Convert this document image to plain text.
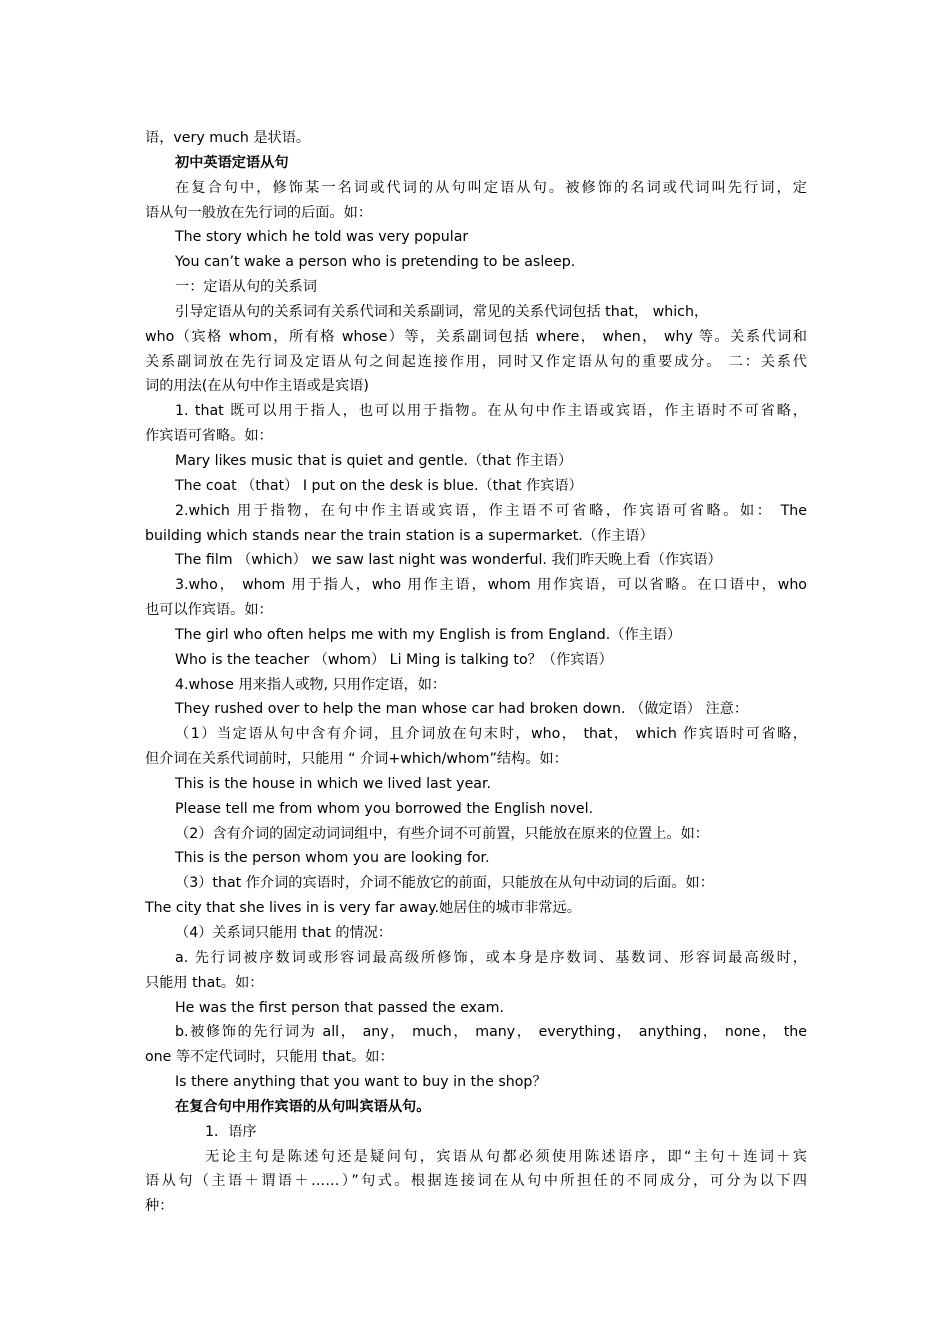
语，very much 是状语。
初中英语定语从句
在复合句中，修饰某一名词或代词的从句叫定语从句。被修饰的名词或代词叫先行词，定
语从句一般放在先行词的后面。如：
The story which he told was very popular
You can’t wake a person who is pretending to be asleep.
一：定语从句的关系词
引导定语从句的关系词有关系代词和关系副词，常见的关系代词包括 that， which，
who（宾格 whom，所有格 whose）等，关系副词包括 where， when， why 等。关系代词和
关系副词放在先行词及定语从句之间起连接作用，同时又作定语从句的重要成分。 二：关系代
词的用法(在从句中作主语或是宾语)
1. that 既可以用于指人，也可以用于指物。在从句中作主语或宾语，作主语时不可省略，
作宾语可省略。如：
Mary likes music that is quiet and gentle.（that 作主语）
The coat （that） I put on the desk is blue.（that 作宾语）
2.which 用于指物，在句中作主语或宾语，作主语不可省略，作宾语可省略。如： The
building which stands near the train station is a supermarket.（作主语）
The film （which） we saw last night was wonderful. 我们昨天晚上看（作宾语）
3.who， whom 用于指人，who 用作主语，whom 用作宾语，可以省略。在口语中，who
也可以作宾语。如：
The girl who often helps me with my English is from England.（作主语）
Who is the teacher （whom） Li Ming is talking to？（作宾语）
4.whose 用来指人或物, 只用作定语，如：
They rushed over to help the man whose car had broken down. （做定语） 注意：
（1）当定语从句中含有介词，且介词放在句末时，who， that， which 作宾语时可省略，
但介词在关系代词前时，只能用 “ 介词+which/whom”结构。如：
This is the house in which we lived last year.
Please tell me from whom you borrowed the English novel.
（2）含有介词的固定动词词组中，有些介词不可前置，只能放在原来的位置上。如：
This is the person whom you are looking for.
（3）that 作介词的宾语时，介词不能放它的前面，只能放在从句中动词的后面。如：
The city that she lives in is very far away.她居住的城市非常远。
（4）关系词只能用 that 的情况：
a. 先行词被序数词或形容词最高级所修饰，或本身是序数词、基数词、形容词最高级时，
只能用 that。如：
He was the first person that passed the exam.
b.被修饰的先行词为 all， any， much， many， everything， anything， none， the
one 等不定代词时，只能用 that。如：
Is there anything that you want to buy in the shop？
在复合句中用作宾语的从句叫宾语从句。
1．语序
无论主句是陈述句还是疑问句，宾语从句都必须使用陈述语序，即“主句＋连词＋宾
语从句（主语＋谓语＋……）”句式。根据连接词在从句中所担任的不同成分，可分为以下四
种：
